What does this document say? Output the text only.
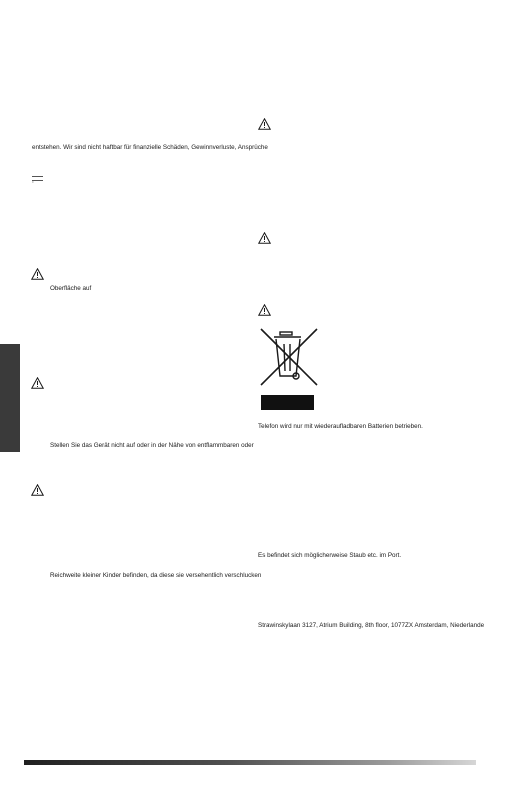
entstehen. Wir sind nicht haftbar für finanzielle Schäden, Gewinnverluste, Ansprüche
≡
Oberfläche auf
Stellen Sie das Gerät nicht auf oder in der Nähe von entflammbaren oder
Reichweite kleiner Kinder befinden, da diese sie versehentlich verschlucken
Telefon wird nur mit wiederaufladbaren Batterien betrieben.
Es befindet sich möglicherweise Staub etc. im Port.
Strawinskylaan 3127, Atrium Building, 8th floor, 1077ZX Amsterdam, Niederlande
